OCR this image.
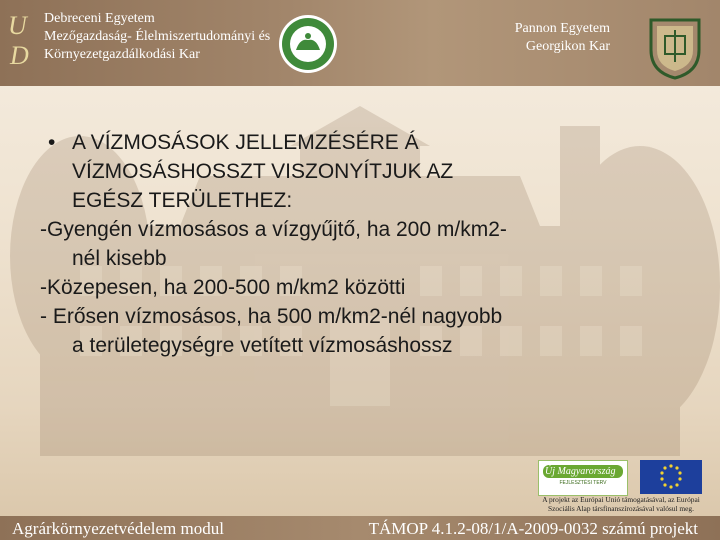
U
D
Debreceni Egyetem
Mezőgazdaság- Élelmiszertudományi és
Környezetgazdálkodási Kar
Pannon Egyetem
Georgikon Kar
• A VÍZMOSÁSOK JELLEMZÉSÉRE Á
VÍZMOSÁSHOSSZT VISZONYÍTJUK AZ
EGÉSZ TERÜLETHEZ:
-Gyengén vízmosásos a vízgyűjtő, ha 200 m/km2-
nél kisebb
-Közepesen, ha 200-500 m/km2 közötti
- Erősen vízmosásos, ha 500 m/km2-nél nagyobb
a területegységre vetített vízmosáshossz
Új Magyarország
FEJLESZTÉSI TERV
A projekt az Európai Unió támogatásával, az Európai
Szociális Alap társfinanszírozásával valósul meg.
Agrárkörnyezetvédelem modul	TÁMOP 4.1.2-08/1/A-2009-0032 számú projekt
